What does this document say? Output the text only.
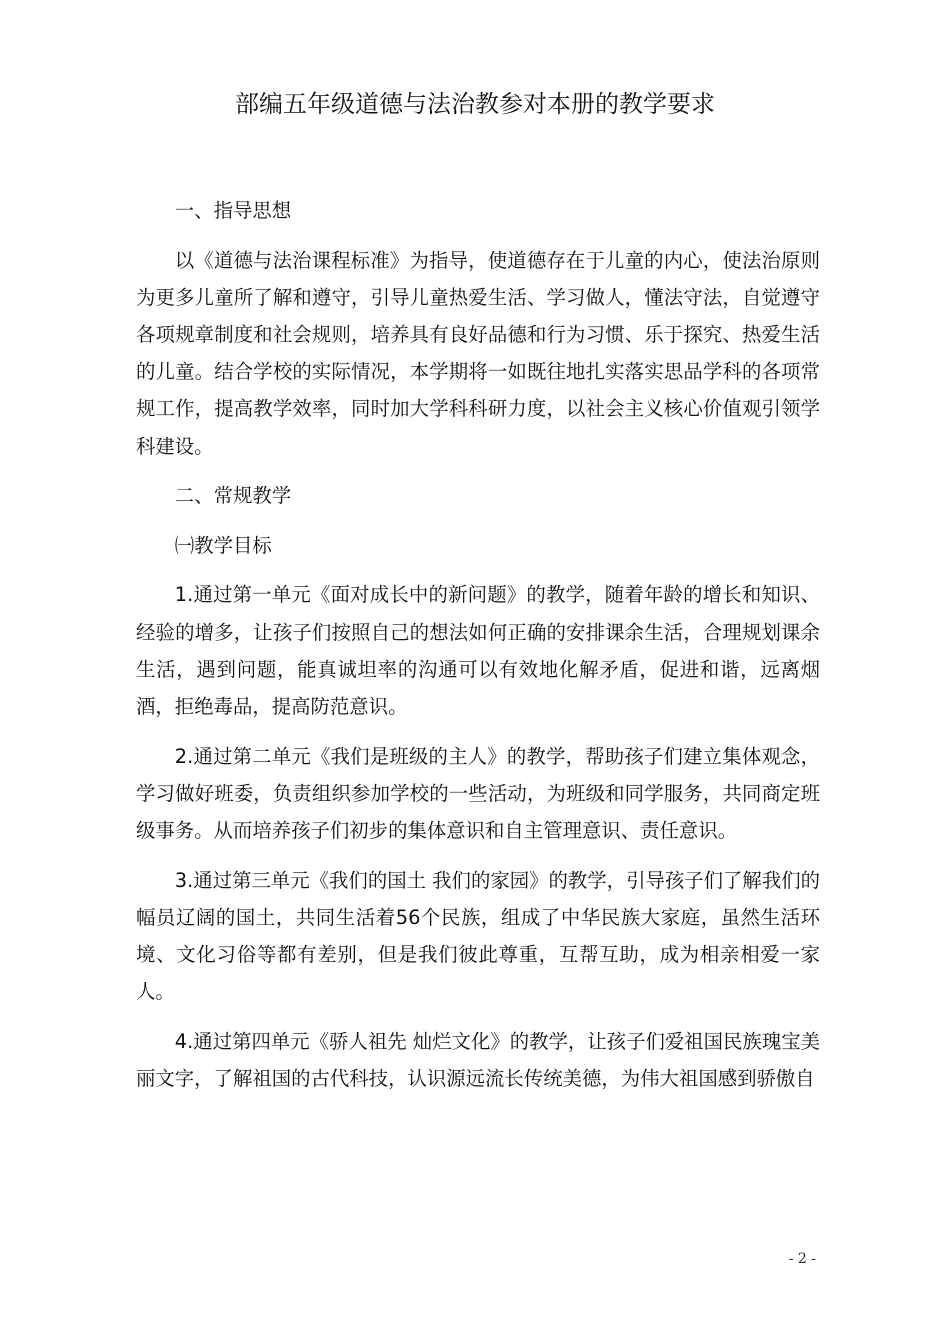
部编五年级道德与法治教参对本册的教学要求

一、指导思想

以《道德与法治课程标准》为指导，使道德存在于儿童的内心，使法治原则为更多儿童所了解和遵守，引导儿童热爱生活、学习做人，懂法守法，自觉遵守各项规章制度和社会规则，培养具有良好品德和行为习惯、乐于探究、热爱生活的儿童。结合学校的实际情况，本学期将一如既往地扎实落实思品学科的各项常规工作，提高教学效率，同时加大学科科研力度，以社会主义核心价值观引领学科建设。

二、常规教学

㈠教学目标

1.通过第一单元《面对成长中的新问题》的教学，随着年龄的增长和知识、经验的增多，让孩子们按照自己的想法如何正确的安排课余生活，合理规划课余生活，遇到问题，能真诚坦率的沟通可以有效地化解矛盾，促进和谐，远离烟酒，拒绝毒品，提高防范意识。

2.通过第二单元《我们是班级的主人》的教学，帮助孩子们建立集体观念，学习做好班委，负责组织参加学校的一些活动，为班级和同学服务，共同商定班级事务。从而培养孩子们初步的集体意识和自主管理意识、责任意识。

3.通过第三单元《我们的国土 我们的家园》的教学，引导孩子们了解我们的幅员辽阔的国土，共同生活着56个民族，组成了中华民族大家庭，虽然生活环境、文化习俗等都有差别，但是我们彼此尊重，互帮互助，成为相亲相爱一家人。

4.通过第四单元《骄人祖先 灿烂文化》的教学，让孩子们爱祖国民族瑰宝美丽文字，了解祖国的古代科技，认识源远流长传统美德，为伟大祖国感到骄傲自

- 2 -
